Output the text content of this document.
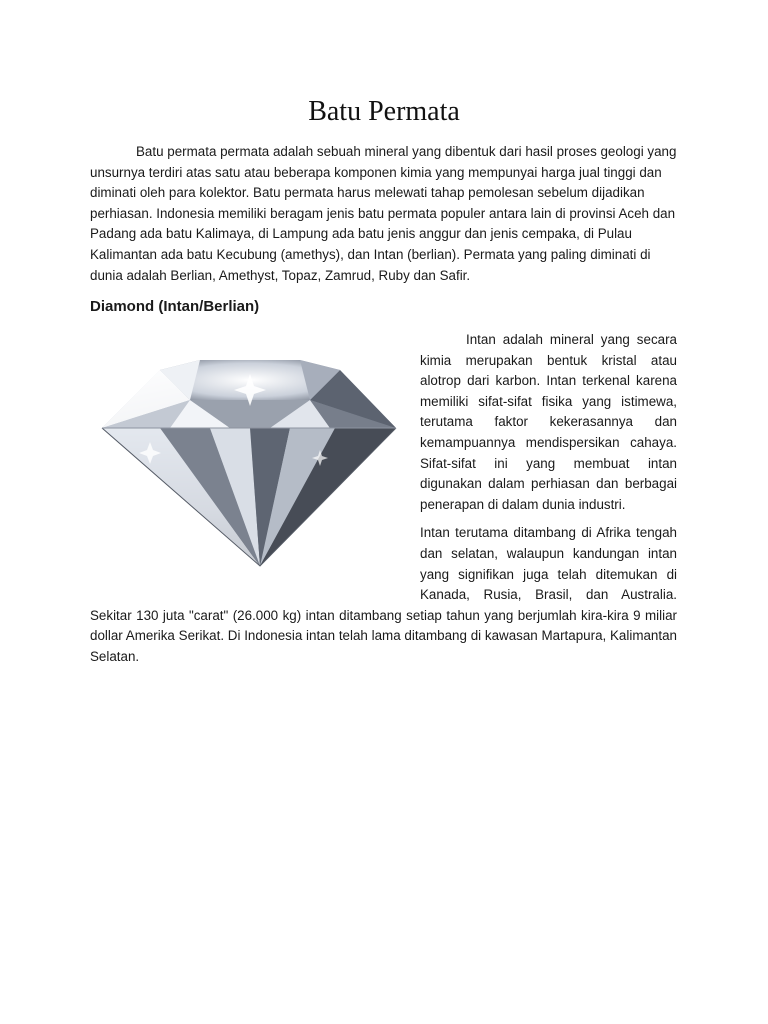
Batu Permata

Batu permata permata adalah sebuah mineral yang dibentuk dari hasil proses geologi yang unsurnya terdiri atas satu atau beberapa komponen kimia yang mempunyai harga jual tinggi dan diminati oleh para kolektor. Batu permata harus melewati tahap pemolesan sebelum dijadikan perhiasan. Indonesia memiliki beragam jenis batu permata populer antara lain di provinsi Aceh dan Padang ada batu Kalimaya, di Lampung ada batu jenis anggur dan jenis cempaka, di Pulau Kalimantan ada batu Kecubung (amethys), dan Intan (berlian). Permata yang paling diminati di dunia adalah Berlian, Amethyst, Topaz, Zamrud, Ruby dan Safir.

Diamond (Intan/Berlian)

Intan adalah mineral yang secara kimia merupakan bentuk kristal atau alotrop dari karbon. Intan terkenal karena memiliki sifat-sifat fisika yang istimewa, terutama faktor kekerasannya dan kemampuannya mendispersikan cahaya. Sifat-sifat ini yang membuat intan digunakan dalam perhiasan dan berbagai penerapan di dalam dunia industri.

Intan terutama ditambang di Afrika tengah dan selatan, walaupun kandungan intan yang signifikan juga telah ditemukan di Kanada, Rusia, Brasil, dan Australia. Sekitar 130 juta "carat" (26.000 kg) intan ditambang setiap tahun yang berjumlah kira-kira 9 miliar dollar Amerika Serikat. Di Indonesia intan telah lama ditambang di kawasan Martapura, Kalimantan Selatan.
